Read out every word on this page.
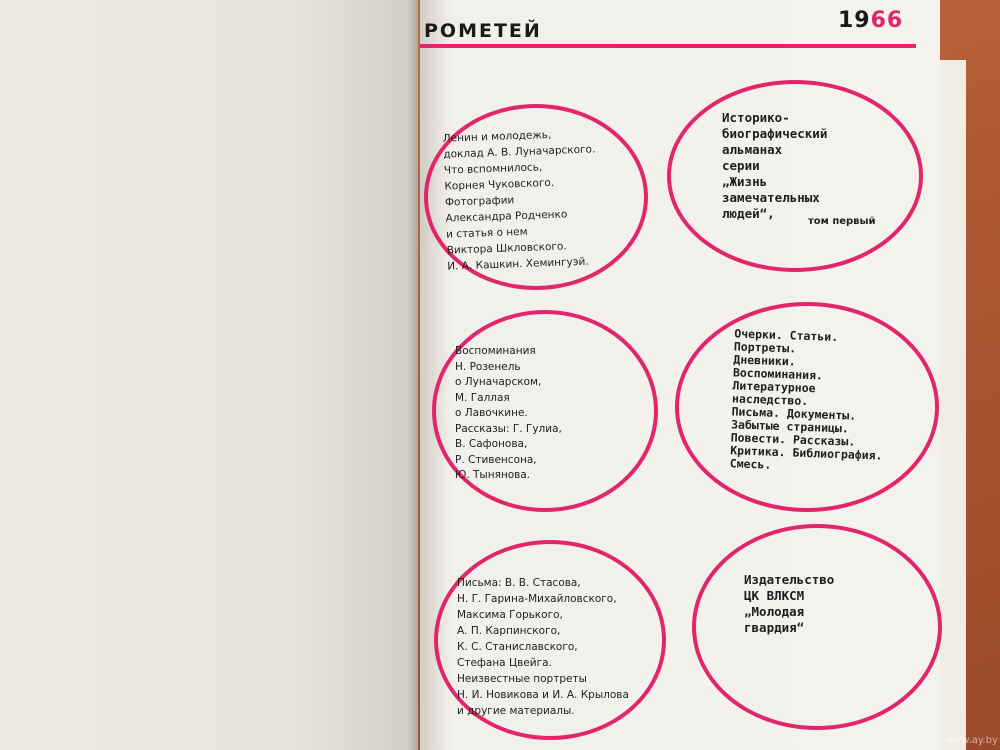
РОМЕТЕЙ	1966
Ленин и молодежь,
доклад А. В. Луначарского.
Что вспомнилось,
Корнея Чуковского.
Фотографии
Александра Родченко
и статья о нем
Виктора Шкловского.
И. А. Кашкин. Хемингуэй.
Историко-
биографический
альманах
серии
„Жизнь
замечательных
людей“,
том первый
Воспоминания
Н. Розенель
о Луначарском,
М. Галлая
о Лавочкине.
Рассказы: Г. Гулиа,
В. Сафонова,
Р. Стивенсона,
Ю. Тынянова.
Очерки. Статьи.
Портреты.
Дневники.
Воспоминания.
Литературное
наследство.
Письма. Документы.
Забытые страницы.
Повести. Рассказы.
Критика. Библиография.
Смесь.
Письма: В. В. Стасова,
Н. Г. Гарина-Михайловского,
Максима Горького,
А. П. Карпинского,
К. С. Станиславского,
Стефана Цвейга.
Неизвестные портреты
Н. И. Новикова и И. А. Крылова
и другие материалы.
Издательство
ЦК ВЛКСМ
„Молодая
гвардия“
www.ay.by
